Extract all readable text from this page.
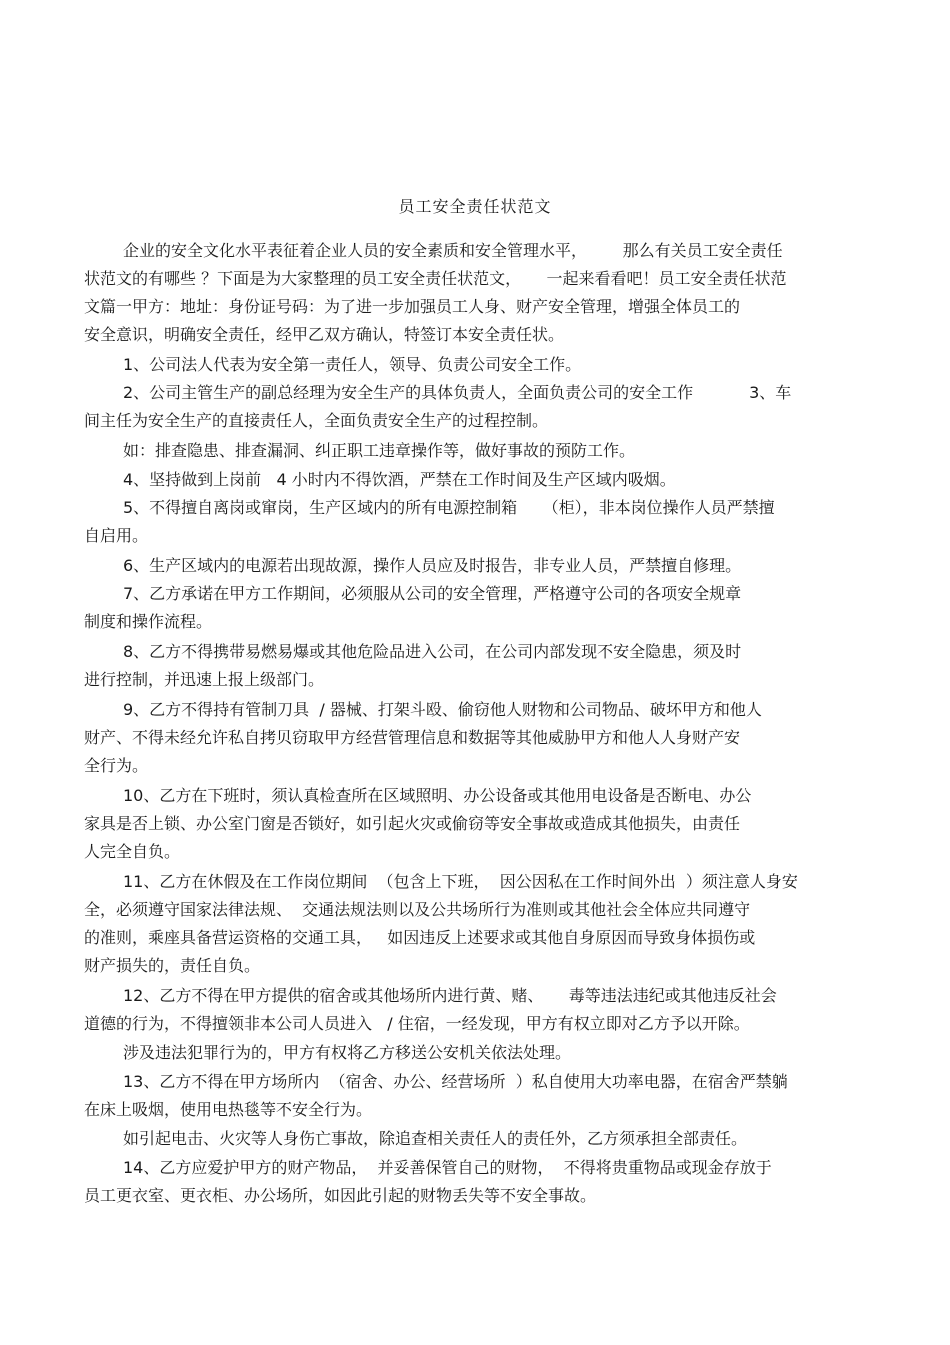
员工安全责任状范文
企业的安全文化水平表征着企业人员的安全素质和安全管理水平，       那么有关员工安全责任
状范文的有哪些 ？下面是为大家整理的员工安全责任状范文，     一起来看看吧！员工安全责任状范
文篇一甲方：地址：身份证号码：为了进一步加强员工人身、财产安全管理，增强全体员工的
安全意识，明确安全责任，经甲乙双方确认，特签订本安全责任状。
1、公司法人代表为安全第一责任人，领导、负责公司安全工作。
2、公司主管生产的副总经理为安全生产的具体负责人，全面负责公司的安全工作           3、车
间主任为安全生产的直接责任人，全面负责安全生产的过程控制。
如：排查隐患、排查漏洞、纠正职工违章操作等，做好事故的预防工作。
4、坚持做到上岗前   4 小时内不得饮酒，严禁在工作时间及生产区域内吸烟。
5、不得擅自离岗或窜岗，生产区域内的所有电源控制箱     （柜），非本岗位操作人员严禁擅
自启用。
6、生产区域内的电源若出现故源，操作人员应及时报告，非专业人员，严禁擅自修理。
7、乙方承诺在甲方工作期间，必须服从公司的安全管理，严格遵守公司的各项安全规章
制度和操作流程。
8、乙方不得携带易燃易爆或其他危险品进入公司，在公司内部发现不安全隐患，须及时
进行控制，并迅速上报上级部门。
9、乙方不得持有管制刀具  / 器械、打架斗殴、偷窃他人财物和公司物品、破坏甲方和他人
财产、不得未经允许私自拷贝窃取甲方经营管理信息和数据等其他威胁甲方和他人人身财产安
全行为。
10、乙方在下班时，须认真检查所在区域照明、办公设备或其他用电设备是否断电、办公
家具是否上锁、办公室门窗是否锁好，如引起火灾或偷窃等安全事故或造成其他损失，由责任
人完全自负。
11、乙方在休假及在工作岗位期间  （包含上下班，  因公因私在工作时间外出  ）须注意人身安
全，必须遵守国家法律法规、  交通法规法则以及公共场所行为准则或其他社会全体应共同遵守
的准则，乘座具备营运资格的交通工具，   如因违反上述要求或其他自身原因而导致身体损伤或
财产损失的，责任自负。
12、乙方不得在甲方提供的宿舍或其他场所内进行黄、赌、     毒等违法违纪或其他违反社会
道德的行为，不得擅领非本公司人员进入   / 住宿，一经发现，甲方有权立即对乙方予以开除。
涉及违法犯罪行为的，甲方有权将乙方移送公安机关依法处理。
13、乙方不得在甲方场所内  （宿舍、办公、经营场所  ）私自使用大功率电器，在宿舍严禁躺
在床上吸烟，使用电热毯等不安全行为。
如引起电击、火灾等人身伤亡事故，除追查相关责任人的责任外，乙方须承担全部责任。
14、乙方应爱护甲方的财产物品，  并妥善保管自己的财物，  不得将贵重物品或现金存放于
员工更衣室、更衣柜、办公场所，如因此引起的财物丢失等不安全事故。
